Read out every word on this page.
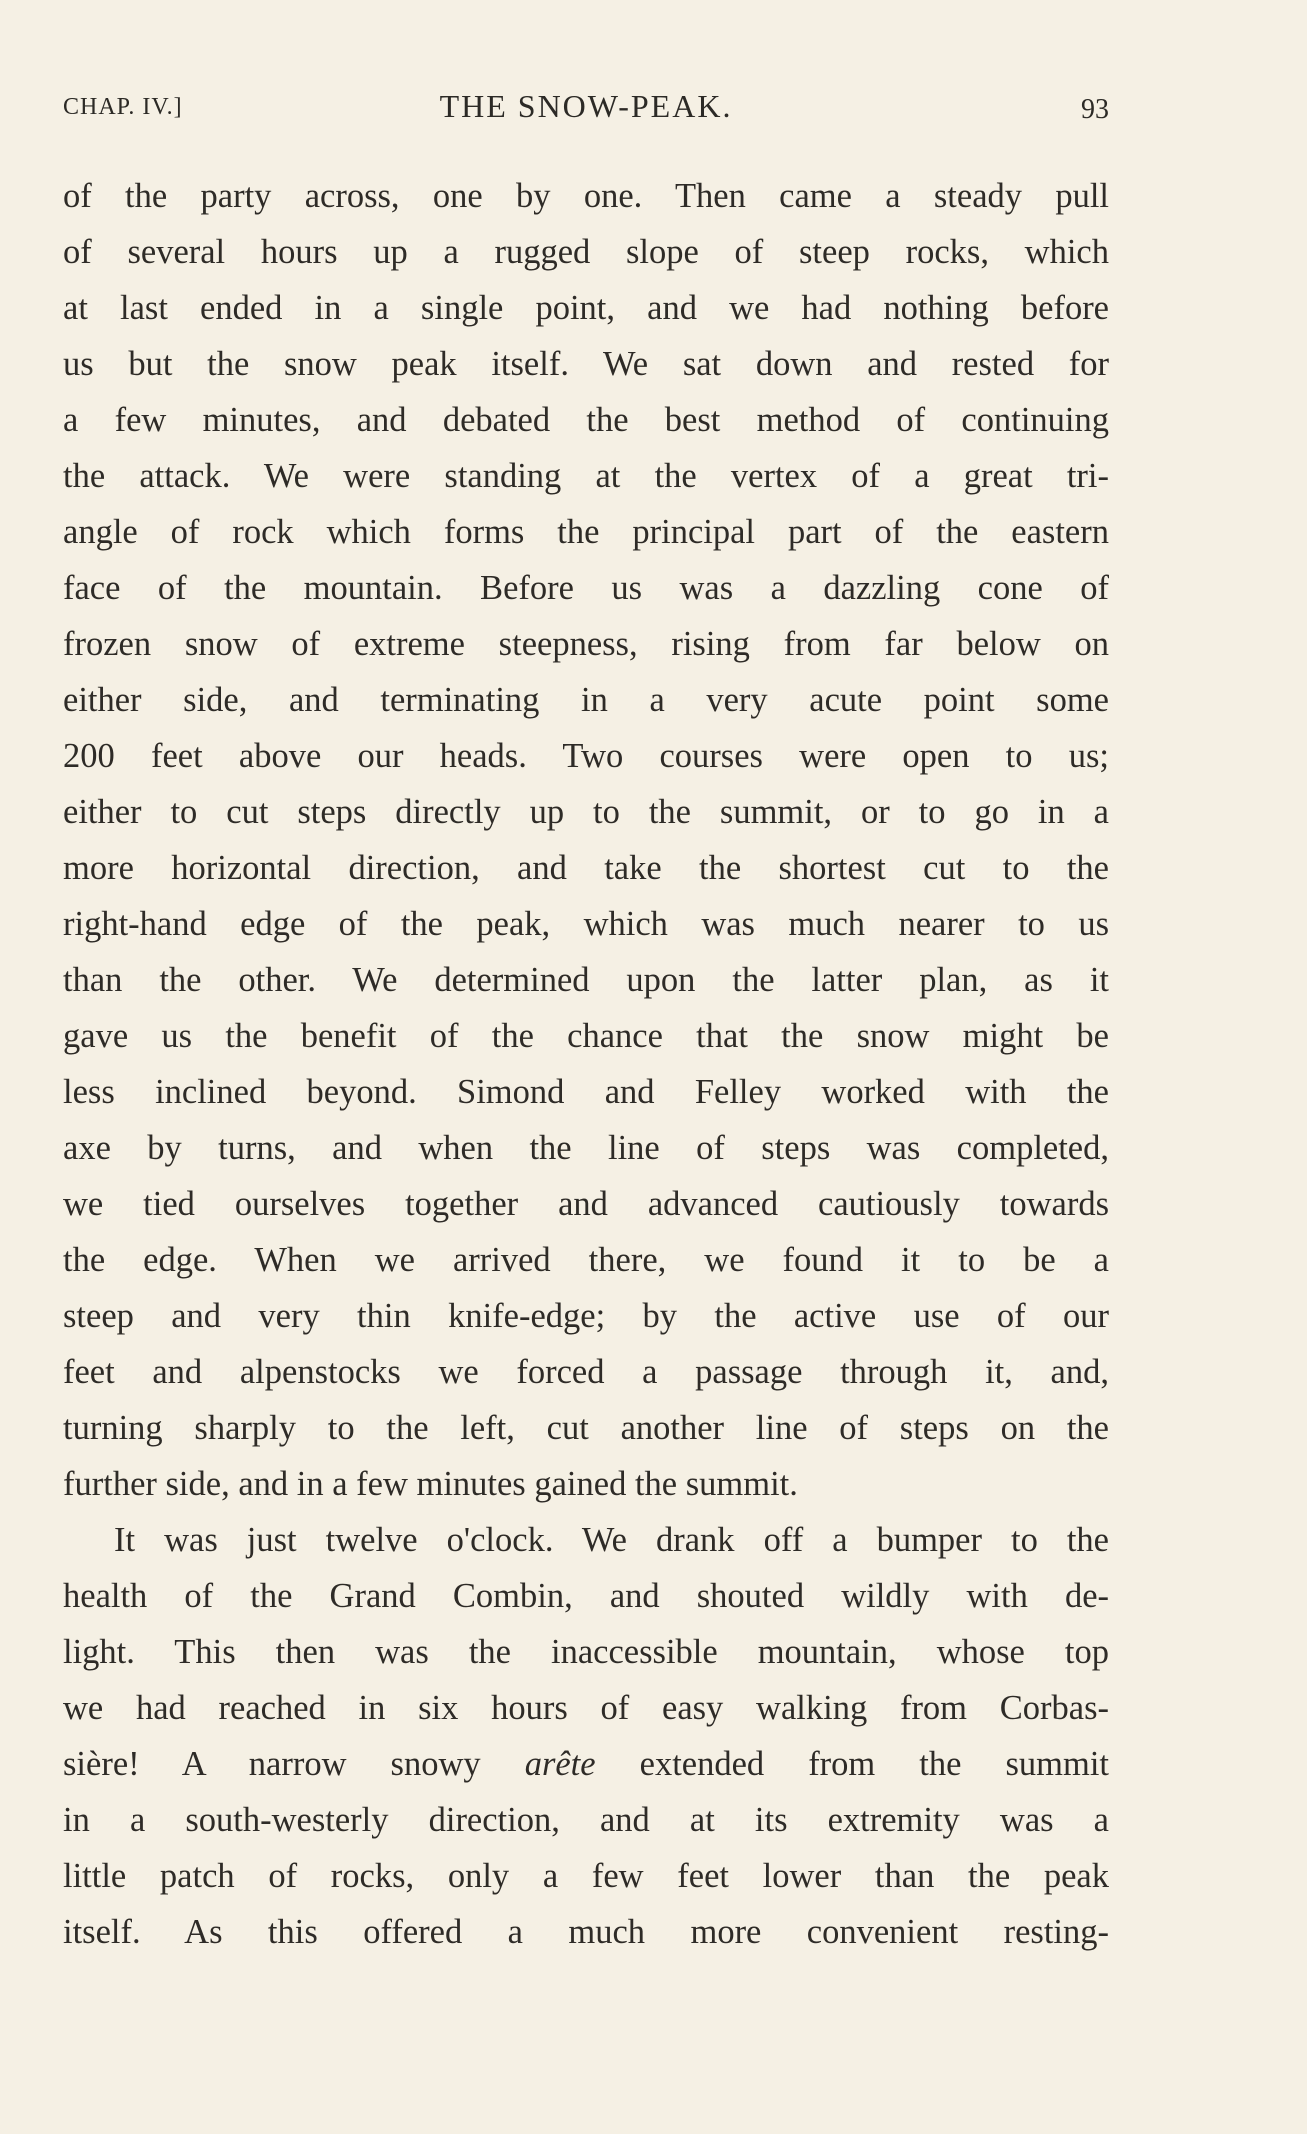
CHAP. IV.]	THE SNOW-PEAK.	93
of the party across, one by one. Then came a steady pull
of several hours up a rugged slope of steep rocks, which
at last ended in a single point, and we had nothing before
us but the snow peak itself. We sat down and rested for
a few minutes, and debated the best method of continuing
the attack. We were standing at the vertex of a great tri-
angle of rock which forms the principal part of the eastern
face of the mountain. Before us was a dazzling cone of
frozen snow of extreme steepness, rising from far below on
either side, and terminating in a very acute point some
200 feet above our heads. Two courses were open to us;
either to cut steps directly up to the summit, or to go in a
more horizontal direction, and take the shortest cut to the
right-hand edge of the peak, which was much nearer to us
than the other. We determined upon the latter plan, as it
gave us the benefit of the chance that the snow might be
less inclined beyond. Simond and Felley worked with the
axe by turns, and when the line of steps was completed,
we tied ourselves together and advanced cautiously towards
the edge. When we arrived there, we found it to be a
steep and very thin knife-edge; by the active use of our
feet and alpenstocks we forced a passage through it, and,
turning sharply to the left, cut another line of steps on the
further side, and in a few minutes gained the summit.
It was just twelve o'clock. We drank off a bumper to the
health of the Grand Combin, and shouted wildly with de-
light. This then was the inaccessible mountain, whose top
we had reached in six hours of easy walking from Corbas-
sière! A narrow snowy arête extended from the summit
in a south-westerly direction, and at its extremity was a
little patch of rocks, only a few feet lower than the peak
itself. As this offered a much more convenient resting-
